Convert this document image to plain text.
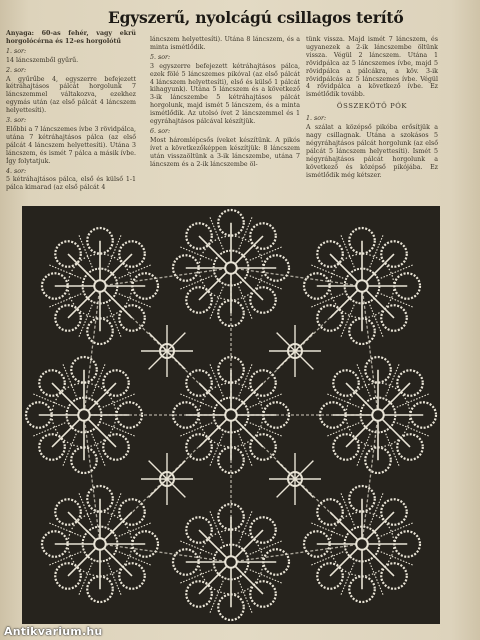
Egyszerű, nyolcágú csillagos terítő

Anyaga: 60-as fehér, vagy ekrü horgolócérna és 12-es horgolótű

1. sor:

14 láncszemből gyűrű.

2. sor:

A gyűrűbe 4, egyszerre befejezett kétráhajtásos pálcát horgolunk 7 láncszemmel váltakozva, ezekhez egymás után (az első pálcát 4 láncszem helyettesíti).

3. sor:

Előbbi a 7 láncszemes ívbe 3 rövidpálca, utána 7 kétráhajtásos pálca (az első pálcát 4 láncszem helyettesíti). Utána 3 láncszem, és ismét 7 pálca a másik ívbe. Így folytatjuk.

4. sor:

5 kétráhajtásos pálca, első és külső 1-1 pálca kimarad (az első pálcát 4

láncszem helyettesíti). Utána 8 láncszem, és a minta ismétlődik.

5. sor:

3 egyszerre befejezett kétráhajtásos pálca, ezek fölé 5 láncszemes pikóval (az első pálcát 4 láncszem helyettesíti), első és külső 1 pálcát kihagyunk). Utána 5 láncszem és a következő 3-ik láncszembe 5 kétráhajtásos pálcát horgolunk, majd ismét 5 láncszem, és a minta ismétlődik. Az utolsó ívet 2 láncszemmel és 1 egyráhajtásos pálcával készítjük.

6. sor:

Most háromlépcsős íveket készítünk. A pikós ívet a következőképpen készítjük: 8 láncszem után visszaöltünk a 3-ik láncszembe, utána 7 láncszem és a 2-ik láncszembe öl-

tünk vissza. Majd ismét 7 láncszem, és ugyanezek a 2-ik láncszembe öltünk vissza. Végül 2 láncszem. Utána 1 rövidpálca az 5 láncszemes ívbe, majd 5 rövidpálca a pálcákra, a köv. 3-ik rövidpálcás az 5 láncszemes ívbe. Végül 4 rövidpálca a következő ívbe. Ez ismétlődik tovább.

ÖSSZEKÖTŐ PÓK
1. sor:

A szálat a középső pikóba erősítjük a nagy csillagnak. Utána a szokásos 5 négyráhajtásos pálcát horgolunk (az első pálcát 5 láncszem helyettesíti). Ismét 5 négyráhajtásos pálcát horgolunk a következő és középső pikójába. Ez ismétlődik még kétszer.

Antikvarium.hu
